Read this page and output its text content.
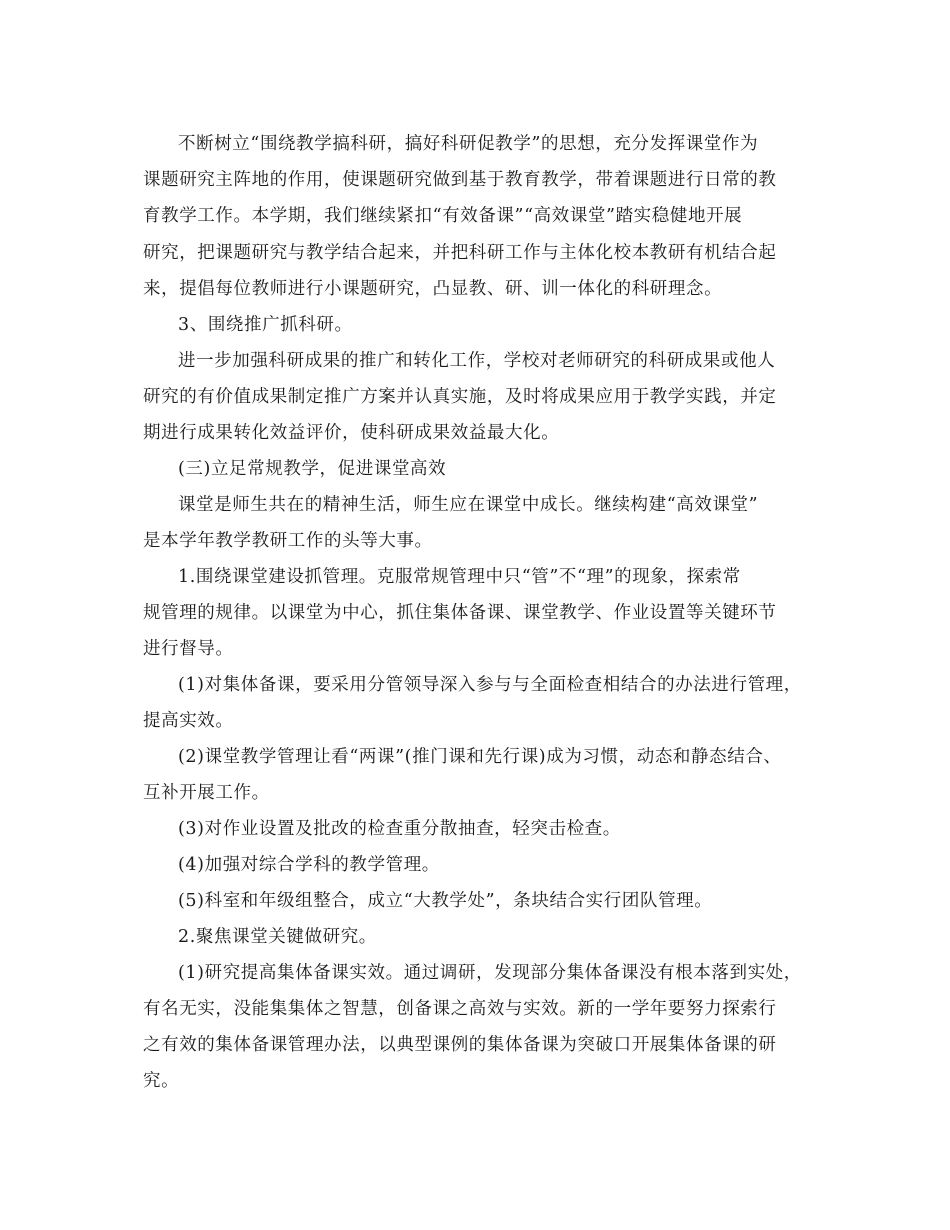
不断树立“围绕教学搞科研，搞好科研促教学”的思想，充分发挥课堂作为
课题研究主阵地的作用，使课题研究做到基于教育教学，带着课题进行日常的教
育教学工作。本学期，我们继续紧扣“有效备课”“高效课堂”踏实稳健地开展
研究，把课题研究与教学结合起来，并把科研工作与主体化校本教研有机结合起
来，提倡每位教师进行小课题研究，凸显教、研、训一体化的科研理念。
3、围绕推广抓科研。
进一步加强科研成果的推广和转化工作，学校对老师研究的科研成果或他人
研究的有价值成果制定推广方案并认真实施，及时将成果应用于教学实践，并定
期进行成果转化效益评价，使科研成果效益最大化。
(三)立足常规教学，促进课堂高效
课堂是师生共在的精神生活，师生应在课堂中成长。继续构建“高效课堂”
是本学年教学教研工作的头等大事。
1.围绕课堂建设抓管理。克服常规管理中只“管”不“理”的现象，探索常
规管理的规律。以课堂为中心，抓住集体备课、课堂教学、作业设置等关键环节
进行督导。
(1)对集体备课，要采用分管领导深入参与与全面检查相结合的办法进行管理，
提高实效。
(2)课堂教学管理让看“两课”(推门课和先行课)成为习惯，动态和静态结合、
互补开展工作。
(3)对作业设置及批改的检查重分散抽查，轻突击检查。
(4)加强对综合学科的教学管理。
(5)科室和年级组整合，成立“大教学处”，条块结合实行团队管理。
2.聚焦课堂关键做研究。
(1)研究提高集体备课实效。通过调研，发现部分集体备课没有根本落到实处，
有名无实，没能集集体之智慧，创备课之高效与实效。新的一学年要努力探索行
之有效的集体备课管理办法，以典型课例的集体备课为突破口开展集体备课的研
究。
